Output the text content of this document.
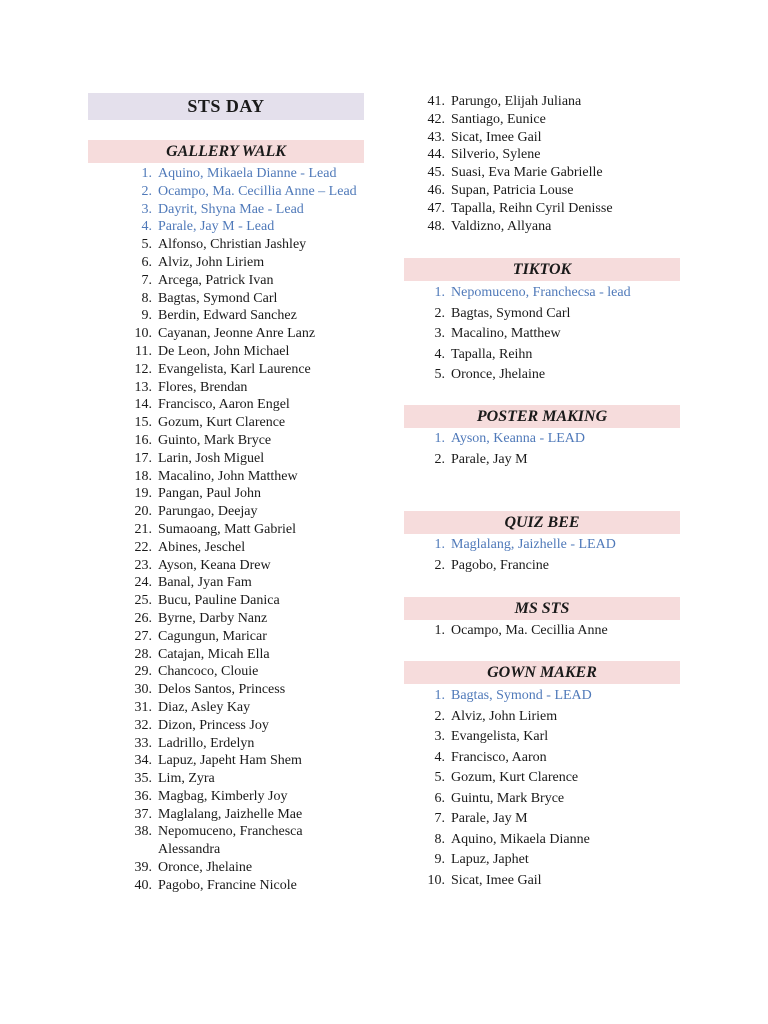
STS DAY
GALLERY WALK
1. Aquino, Mikaela Dianne - Lead
2. Ocampo, Ma. Cecillia Anne – Lead
3. Dayrit, Shyna Mae - Lead
4. Parale, Jay M - Lead
5. Alfonso, Christian Jashley
6. Alviz, John Liriem
7. Arcega, Patrick Ivan
8. Bagtas, Symond Carl
9. Berdin, Edward Sanchez
10. Cayanan, Jeonne Anre Lanz
11. De Leon, John Michael
12. Evangelista, Karl Laurence
13. Flores, Brendan
14. Francisco, Aaron Engel
15. Gozum, Kurt Clarence
16. Guinto, Mark Bryce
17. Larin, Josh Miguel
18. Macalino, John Matthew
19. Pangan, Paul John
20. Parungao, Deejay
21. Sumaoang, Matt Gabriel
22. Abines, Jeschel
23. Ayson, Keana Drew
24. Banal, Jyan Fam
25. Bucu, Pauline Danica
26. Byrne, Darby Nanz
27. Cagungun, Maricar
28. Catajan, Micah Ella
29. Chancoco, Clouie
30. Delos Santos, Princess
31. Diaz, Asley Kay
32. Dizon, Princess Joy
33. Ladrillo, Erdelyn
34. Lapuz, Japeht Ham Shem
35. Lim, Zyra
36. Magbag, Kimberly Joy
37. Maglalang, Jaizhelle Mae
38. Nepomuceno, Franchesca Alessandra
39. Oronce, Jhelaine
40. Pagobo, Francine Nicole
41. Parungo, Elijah Juliana
42. Santiago, Eunice
43. Sicat, Imee Gail
44. Silverio, Sylene
45. Suasi, Eva Marie Gabrielle
46. Supan, Patricia Louse
47. Tapalla, Reihn Cyril Denisse
48. Valdizno, Allyana
TIKTOK
1. Nepomuceno, Franchecsa - lead
2. Bagtas, Symond Carl
3. Macalino, Matthew
4. Tapalla, Reihn
5. Oronce, Jhelaine
POSTER MAKING
1. Ayson, Keanna - LEAD
2. Parale, Jay M
QUIZ BEE
1. Maglalang, Jaizhelle - LEAD
2. Pagobo, Francine
MS STS
1. Ocampo, Ma. Cecillia Anne
GOWN MAKER
1. Bagtas, Symond - LEAD
2. Alviz, John Liriem
3. Evangelista, Karl
4. Francisco, Aaron
5. Gozum, Kurt Clarence
6. Guintu, Mark Bryce
7. Parale, Jay M
8. Aquino, Mikaela Dianne
9. Lapuz, Japhet
10. Sicat, Imee Gail
